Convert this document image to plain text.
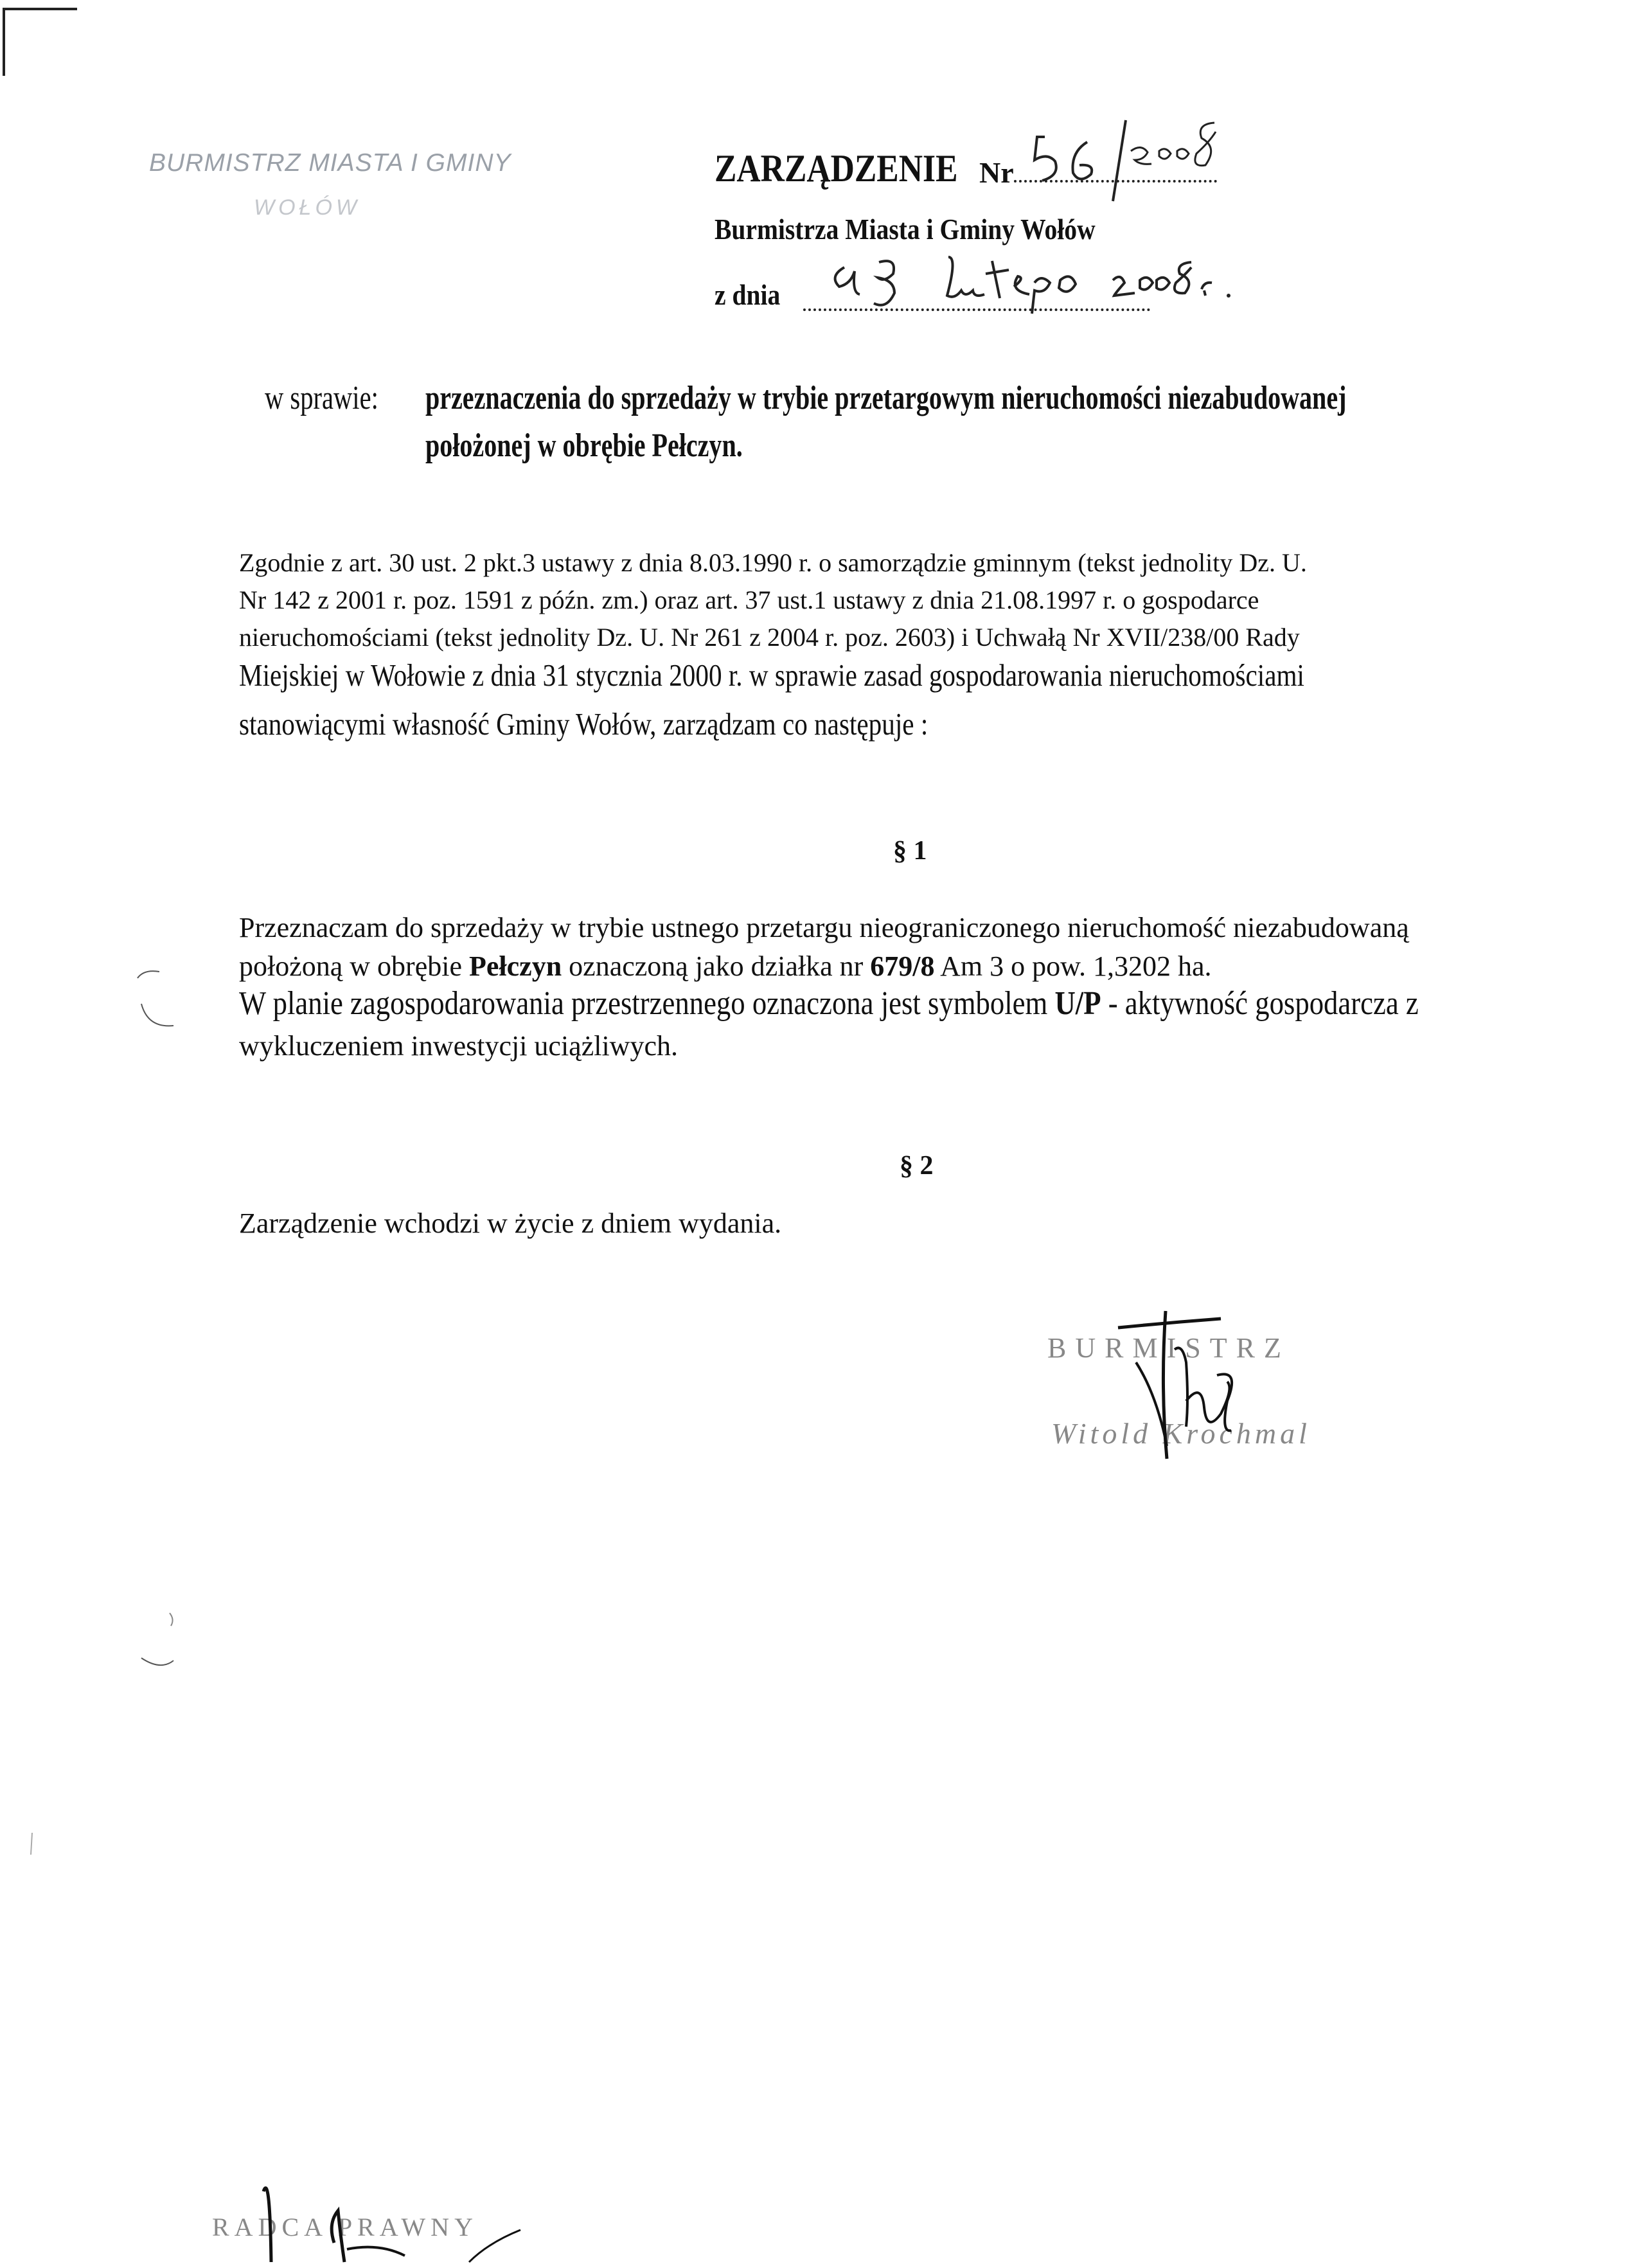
BURMISTRZ MIASTA I GMINY
WOŁÓW
ZARZĄDZENIE Nr
Burmistrza Miasta i Gminy Wołów
z dnia
w sprawie:	przeznaczenia do sprzedaży w trybie przetargowym nieruchomości niezabudowanej
położonej w obrębie Pełczyn.
Zgodnie z art. 30 ust. 2 pkt.3 ustawy z dnia 8.03.1990 r. o samorządzie gminnym (tekst jednolity Dz. U.
Nr 142 z 2001 r. poz. 1591 z późn. zm.) oraz art. 37 ust.1 ustawy z dnia 21.08.1997 r. o gospodarce
nieruchomościami (tekst jednolity Dz. U. Nr 261 z 2004 r. poz. 2603) i Uchwałą Nr XVII/238/00 Rady
Miejskiej w Wołowie z dnia 31 stycznia 2000 r. w sprawie zasad gospodarowania nieruchomościami
stanowiącymi własność Gminy Wołów, zarządzam co następuje :
§ 1
Przeznaczam do sprzedaży w trybie ustnego przetargu nieograniczonego nieruchomość niezabudowaną
położoną w obrębie Pełczyn oznaczoną jako działka nr 679/8 Am 3 o pow. 1,3202 ha.
W planie zagospodarowania przestrzennego oznaczona jest symbolem U/P - aktywność gospodarcza z
wykluczeniem inwestycji uciążliwych.
§ 2
Zarządzenie wchodzi w życie z dniem wydania.
BURMISTRZ
Witold Krochmal
RADCA PRAWNY
